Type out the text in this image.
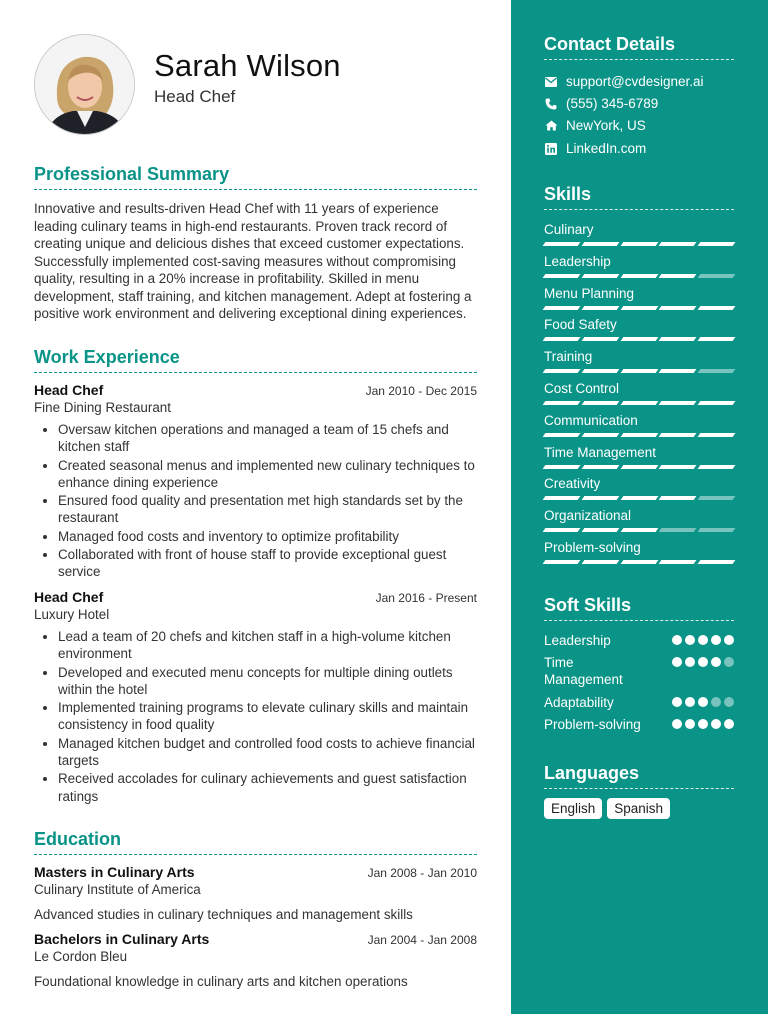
Sarah Wilson
Head Chef
Professional Summary
Innovative and results-driven Head Chef with 11 years of experience leading culinary teams in high-end restaurants. Proven track record of creating unique and delicious dishes that exceed customer expectations. Successfully implemented cost-saving measures without compromising quality, resulting in a 20% increase in profitability. Skilled in menu development, staff training, and kitchen management. Adept at fostering a positive work environment and delivering exceptional dining experiences.
Work Experience
Head Chef	Jan 2010 - Dec 2015
Fine Dining Restaurant
• Oversaw kitchen operations and managed a team of 15 chefs and kitchen staff
• Created seasonal menus and implemented new culinary techniques to enhance dining experience
• Ensured food quality and presentation met high standards set by the restaurant
• Managed food costs and inventory to optimize profitability
• Collaborated with front of house staff to provide exceptional guest service
Head Chef	Jan 2016 - Present
Luxury Hotel
• Lead a team of 20 chefs and kitchen staff in a high-volume kitchen environment
• Developed and executed menu concepts for multiple dining outlets within the hotel
• Implemented training programs to elevate culinary skills and maintain consistency in food quality
• Managed kitchen budget and controlled food costs to achieve financial targets
• Received accolades for culinary achievements and guest satisfaction ratings
Education
Masters in Culinary Arts	Jan 2008 - Jan 2010
Culinary Institute of America
Advanced studies in culinary techniques and management skills
Bachelors in Culinary Arts	Jan 2004 - Jan 2008
Le Cordon Bleu
Foundational knowledge in culinary arts and kitchen operations
Contact Details
support@cvdesigner.ai
(555) 345-6789
NewYork, US
LinkedIn.com
Skills
Culinary
Leadership
Menu Planning
Food Safety
Training
Cost Control
Communication
Time Management
Creativity
Organizational
Problem-solving
Soft Skills
Leadership
Time Management
Adaptability
Problem-solving
Languages
English	Spanish
